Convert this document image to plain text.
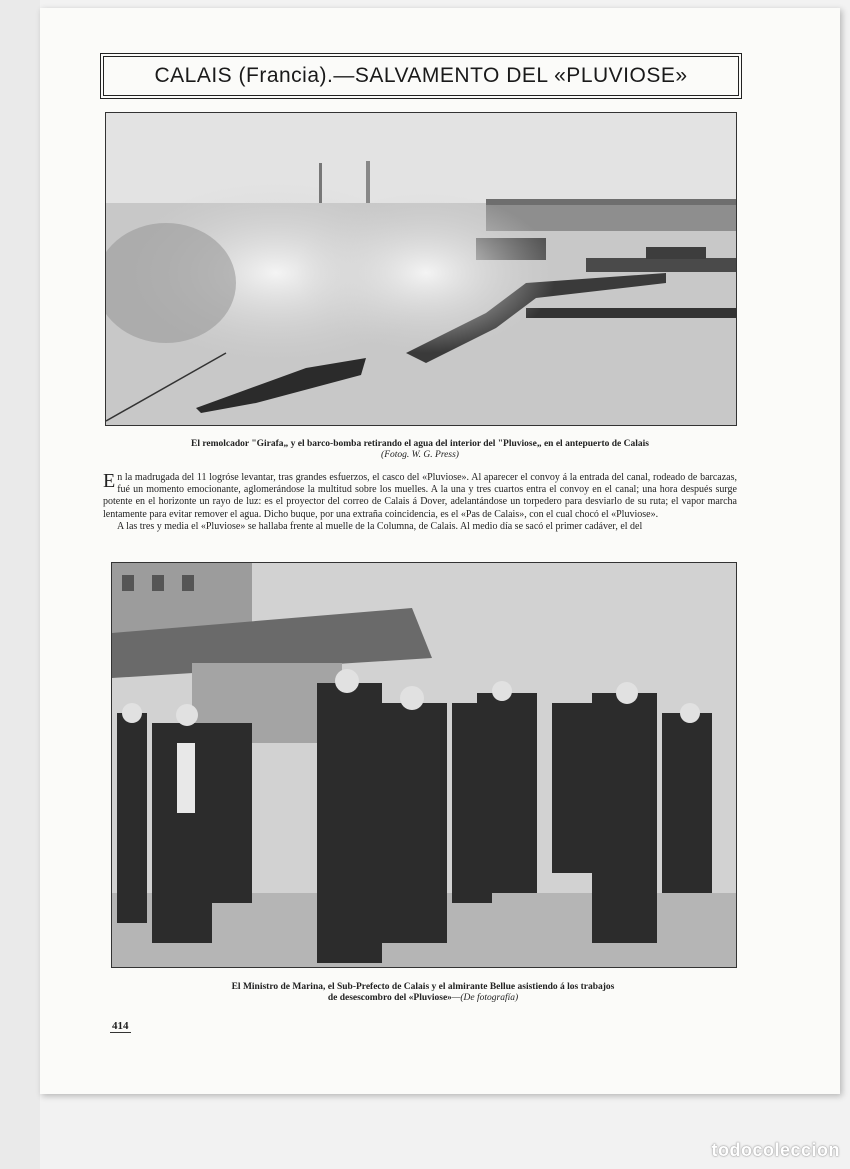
CALAIS (Francia).—SALVAMENTO DEL «PLUVIOSE»
El remolcador "Girafa„ y el barco-bomba retirando el agua del interior del "Pluviose„ en el antepuerto de Calais
(Fotog. W. G. Press)

E n la madrugada del 11 logróse levantar, tras grandes esfuerzos, el casco del «Pluviose». Al aparecer el convoy á la entrada del canal, rodeado de barcazas, fué un momento emocionante, aglomerándose la multitud sobre los muelles. A la una y tres cuartos entra el convoy en el canal; una hora después surge potente en el horizonte un rayo de luz: es el proyector del correo de Calais á Dover, adelantándose un torpedero para desviarlo de su ruta; el vapor marcha lentamente para evitar remover el agua. Dicho buque, por una extraña coincidencia, es el «Pas de Calais», con el cual chocó el «Pluviose».

A las tres y media el «Pluviose» se hallaba frente al muelle de la Columna, de Calais. Al medio día se sacó el primer cadáver, el del

El Ministro de Marina, el Sub-Prefecto de Calais y el almirante Bellue asistiendo á los trabajos
de desescombro del «Pluviose»—(De fotografía)
414
todocoleccion
